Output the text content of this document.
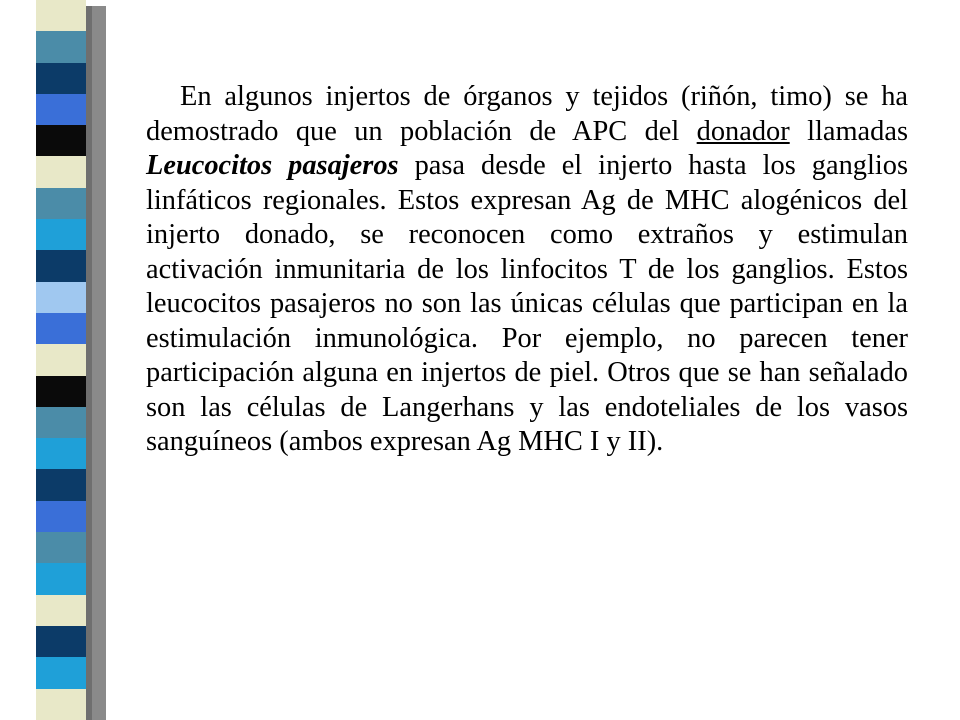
En algunos injertos de órganos y tejidos (riñón, timo) se ha demostrado que un población de APC del donador llamadas Leucocitos pasajeros pasa desde el injerto hasta los ganglios linfáticos regionales. Estos expresan Ag de MHC alogénicos del injerto donado, se reconocen como extraños y estimulan activación inmunitaria de los linfocitos T de los ganglios. Estos leucocitos pasajeros no son las únicas células que participan en la estimulación inmunológica. Por ejemplo, no parecen tener participación alguna en injertos de piel. Otros que se han señalado son las células de Langerhans y las endoteliales de los vasos sanguíneos (ambos expresan Ag MHC I y II).
